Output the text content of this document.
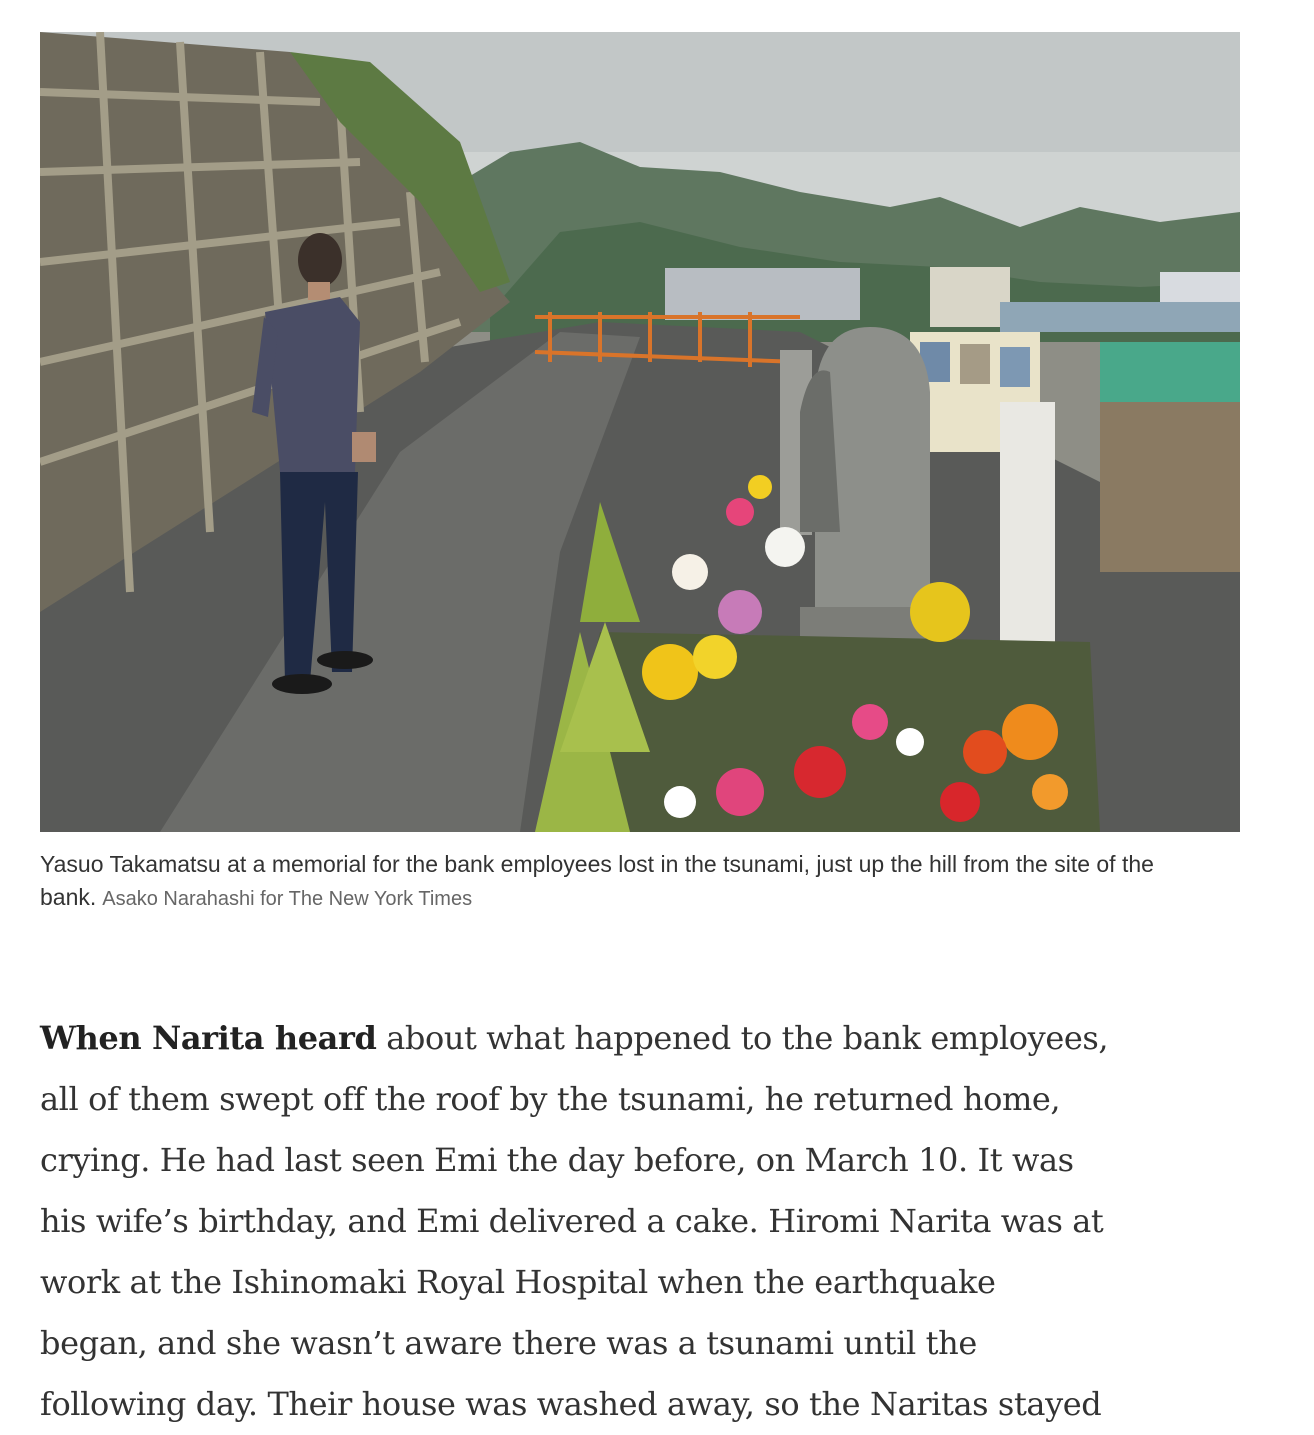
Yasuo Takamatsu at a memorial for the bank employees lost in the tsunami, just up the hill from the site of the bank. Asako Narahashi for The New York Times
When Narita heard about what happened to the bank employees,
all of them swept off the roof by the tsunami, he returned home,
crying. He had last seen Emi the day before, on March 10. It was
his wife’s birthday, and Emi delivered a cake. Hiromi Narita was at
work at the Ishinomaki Royal Hospital when the earthquake
began, and she wasn’t aware there was a tsunami until the
following day. Their house was washed away, so the Naritas stayed
